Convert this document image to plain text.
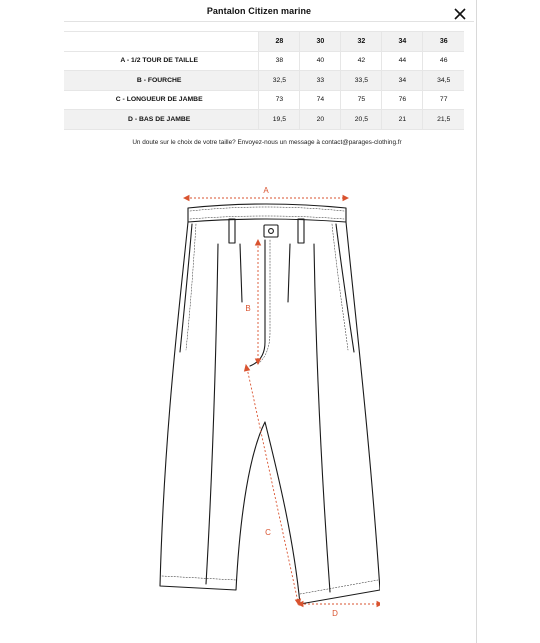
Pantalon Citizen marine
	28	30	32	34	36
A - 1/2 TOUR DE TAILLE	38	40	42	44	46
B - FOURCHE	32,5	33	33,5	34	34,5
C - LONGUEUR DE JAMBE	73	74	75	76	77
D - BAS DE JAMBE	19,5	20	20,5	21	21,5
Un doute sur le choix de votre taille? Envoyez-nous un message à contact@parages-clothing.fr
A
B
C
D
